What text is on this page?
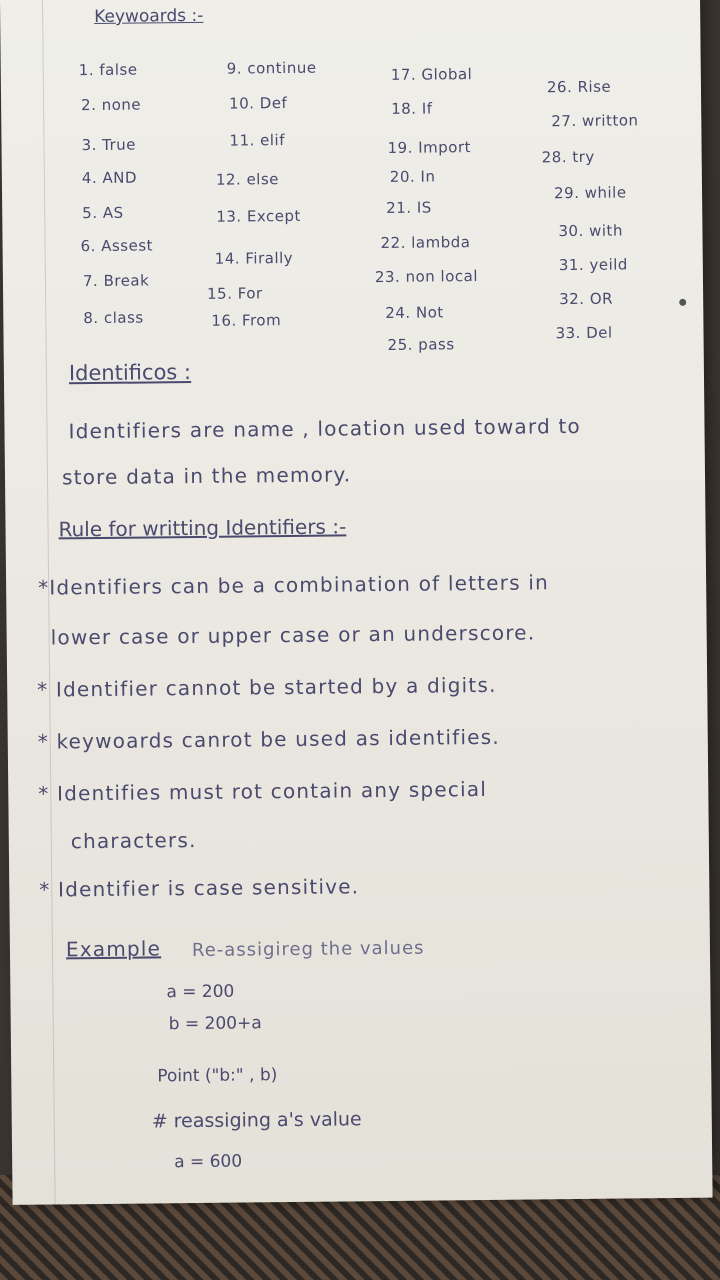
Keywoards :-
1. false
2. none
3. True
4. AND
5. AS
6. Assest
7. Break
8. class
9. continue
10. Def
11. elif
12. else
13. Except
14. Firally
15. For
16. From
17. Global
18. If
19. Import
20. In
21. IS
22. lambda
23. non local
24. Not
25. pass
26. Rise
27. writton
28. try
29. while
30. with
31. yeild
32. OR
33. Del
Identificos :
Identifiers are name , location used toward to
store data in the memory.
Rule for writting Identifiers :-
*Identifiers can be a combination of letters in
lower case or upper case or an underscore.
* Identifier cannot be started by a digits.
* keywoards canrot be used as identifies.
* Identifies must rot contain any special
characters.
* Identifier is case sensitive.
Example Re-assigireg the values
a = 200
b = 200+a
Point ("b:" , b)
# reassiging a's value
a = 600
